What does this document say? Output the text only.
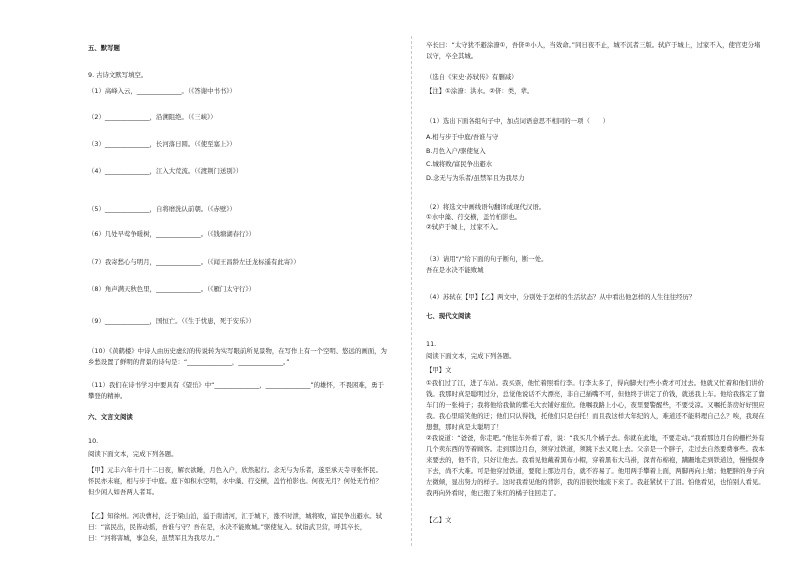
五、默写题
9. 古诗文默写填空。
（1）高峰入云，______________。（《答谢中书书》）
（2）______________，沿溯阻绝。（《三峡》）
（3）______________，长河落日圆。（《使至塞上》）
（4）______________，江入大荒流。（《渡荆门送别》）
（5）______________，自将磨洗认前朝。（《赤壁》）
（6）几处早莺争暖树，______________。（《钱塘湖春行》）
（7）我寄愁心与明月，______________。（《闻王昌龄左迁龙标遥有此寄》）
（8）角声满天秋色里，______________。（《雁门太守行》）
（9）______________，国恒亡。（《生于忧患，死于安乐》）
（10）《黄鹤楼》中诗人由历史虚幻的传说转为实写眼前所见景物，在写作上有一个空明、悠远的画面，为乡愁设置了鲜明的背景的诗句是：“______________，______________。”
（11）我们在诗书学习中要具有《望岳》中“______________，______________”的雄怀，不畏困难，勇于攀登的精神。
六、文言文阅读
10.
阅读下面文本，完成下列各题。
【甲】元丰六年十月十二日夜，解衣欲睡，月色入户，欣然起行。念无与为乐者，遂至承天寺寻张怀民。怀民亦未寝，相与步于中庭。庭下如积水空明，水中藻、荇交横，盖竹柏影也。何夜无月？何处无竹柏？但少闲人如吾两人者耳。
【乙】知徐州。河决曹村，泛于梁山泊，溢于南清河，汇于城下，涨不时泄，城将败，富民争出避水。轼曰：“富民出，民皆动摇，吾谁与守？吾在是，水决不能败城。”驱使复入。轼诣武卫营，呼其卒长，曰：“河将害城，事急矣，虽禁军且为我尽力。”
卒长曰：“太守犹不避涂潦①，吾侪②小人，当效命。”同日夜不止，城不沉者三版。轼庐于城上，过家不入，使官吏分堵以守，卒全其城。
（选自《宋史·苏轼传》有删减）
【注】①涂潦：洪水。②侪：类，辈。
（1）选出下面各组句子中，加点词语意思不相同的一项（　　）
A.相与步于中庭/吾谁与守
B.月色入户/驱使复入
C.城将败/富民争出避水
D.念无与为乐者/虽禁军且为我尽力
（2）将选文中画线语句翻译成现代汉语。
①水中藻、荇交横，盖竹柏影也。
②轼庐于城上，过家不入。
（3）请用“/”给下面的句子断句，断一处。
吾在是水决不能败城
（4）苏轼在【甲】【乙】两文中，分别处于怎样的生活状态？从中看出他怎样的人生往往经历？
七、现代文阅读
11.
阅读下面文本，完成下列各题。
【甲】文
①我们过了江，进了车站。我买票，他忙着照看行李。行李太多了，得向脚夫行些小费才可过去。他就又忙着和他们讲价钱。我那时真是聪明过分，总觉他说话不大漂亮，非自己插嘴不可，但他终于讲定了价钱，就送我上车。他给我拣定了靠车门的一张椅子；我将他给我做的紫毛大衣铺好座位。他嘱我路上小心，夜里要警醒些，不要受凉。又嘱托茶房好好照应我。我心里暗笑他的迂；他们只认得钱，托他们只是白托！而且我这样大年纪的人，难道还不能料理自己么？唉，我现在想想，那时真是太聪明了！
②我说道：“爸爸，你走吧。”他往车外看了看，说：“我买几个橘子去。你就在此地，不要走动。”我看那边月台的栅栏外有几个卖东西的等着顾客。走到那边月台，须穿过铁道，须跳下去又爬上去。父亲是一个胖子，走过去自然要费事些。我本来要去的，他不肯，只好让他去。我看见他戴着黑布小帽，穿着黑布大马褂，深青布棉袍，蹒跚地走到铁道边，慢慢探身下去，尚不大难。可是他穿过铁道，要爬上那边月台，就不容易了。他用两手攀着上面，两脚再向上缩；他肥胖的身子向左微倾，显出努力的样子。这时我看见他的背影，我的泪很快地流下来了。我赶紧拭干了泪。怕他看见，也怕别人看见。我再向外看时，他已抱了朱红的橘子往回走了。
【乙】文
